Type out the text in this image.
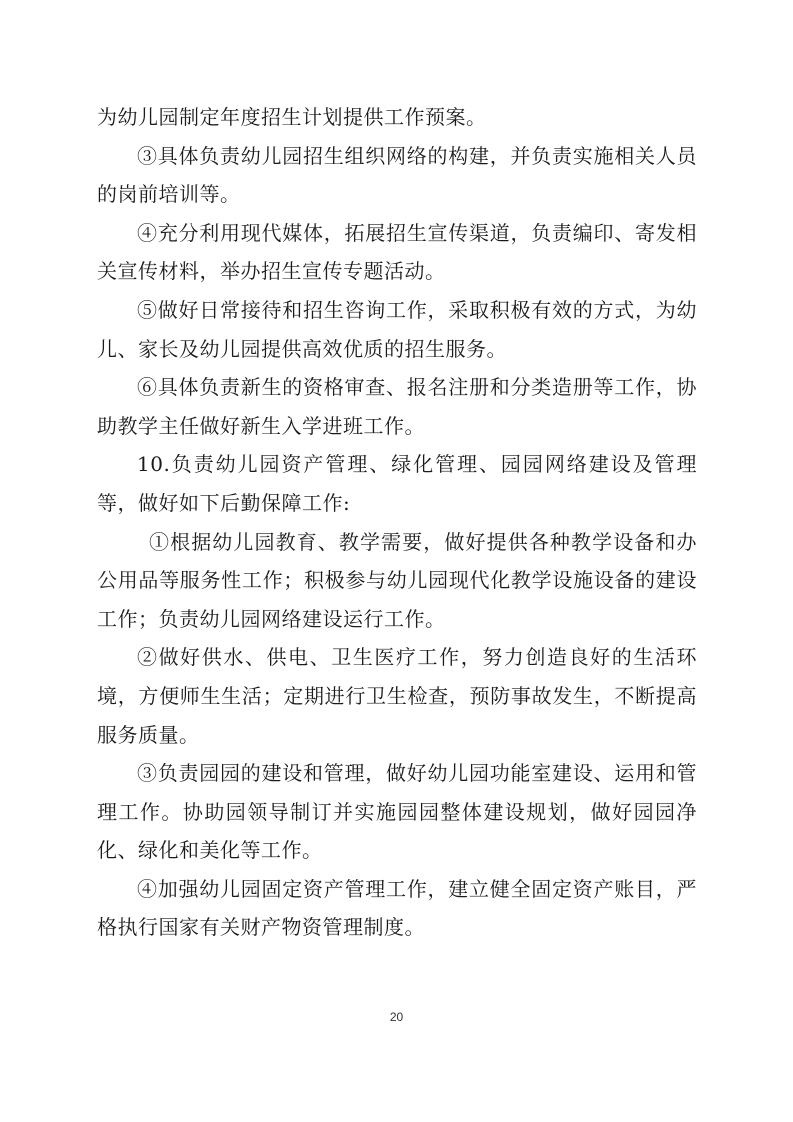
为幼儿园制定年度招生计划提供工作预案。

③具体负责幼儿园招生组织网络的构建，并负责实施相关人员的岗前培训等。

④充分利用现代媒体，拓展招生宣传渠道，负责编印、寄发相关宣传材料，举办招生宣传专题活动。

⑤做好日常接待和招生咨询工作，采取积极有效的方式，为幼儿、家长及幼儿园提供高效优质的招生服务。

⑥具体负责新生的资格审查、报名注册和分类造册等工作，协助教学主任做好新生入学进班工作。

10.负责幼儿园资产管理、绿化管理、园园网络建设及管理等，做好如下后勤保障工作:

①根据幼儿园教育、教学需要，做好提供各种教学设备和办公用品等服务性工作；积极参与幼儿园现代化教学设施设备的建设工作；负责幼儿园网络建设运行工作。

②做好供水、供电、卫生医疗工作，努力创造良好的生活环境，方便师生生活；定期进行卫生检查，预防事故发生，不断提高服务质量。

③负责园园的建设和管理，做好幼儿园功能室建设、运用和管理工作。协助园领导制订并实施园园整体建设规划，做好园园净化、绿化和美化等工作。

④加强幼儿园固定资产管理工作，建立健全固定资产账目，严格执行国家有关财产物资管理制度。

20
